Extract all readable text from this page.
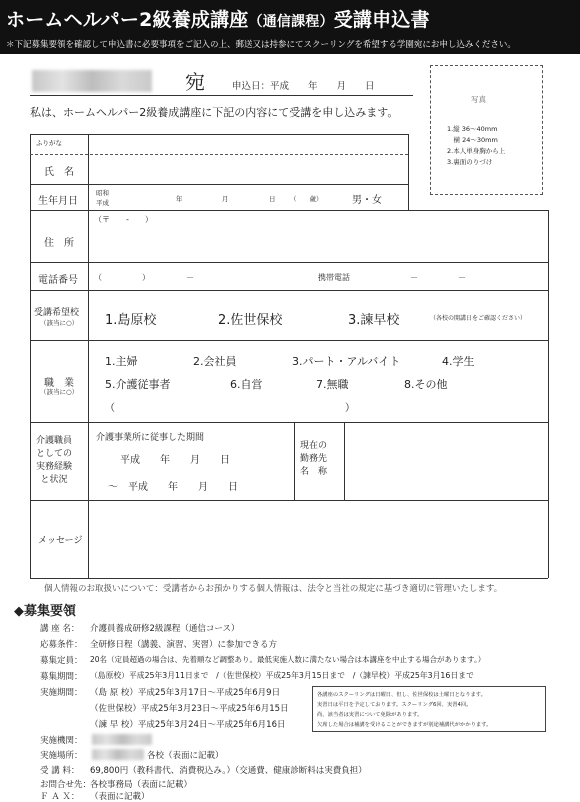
ホームヘルパー2級養成講座（通信課程）受講申込書
＊下記募集要領を確認して申込書に必要事項をご記入の上、郵送又は持参にてスクーリングを希望する学園宛にお申し込みください。
宛	申込日：平成　　年　　月　　日
写真
1.縦 36〜40mm
　横 24〜30mm
2.本人単身胸から上
3.裏面のりづけ
私は、ホームヘルパー2級養成講座に下記の内容にて受講を申し込みます。
ふりがな
氏　名
生年月日
昭和
平成	年	月	日 （　　歳）	男・女
住　所
（〒　　-　　）
電話番号 （　　　　　）　　　　　－	携帯電話	－　　　　　－
受講希望校
（該当に○） 1.島原校	2.佐世保校	3.諫早校	（各校の開講日をご確認ください）
職　業
（該当に○）
1.主婦	2.会社員	3.パート・アルバイト	4.学生
5.介護従事者	6.自営	7.無職	8.その他
（　　　　　　　　　　　　　　　　　　　　　　　）
介護職員
としての
実務経験
と状況
介護事業所に従事した期間
平成　　年　　月　　日
〜　平成　　年　　月　　日
現在の
勤務先
名　称
メッセージ
個人情報のお取扱いについて：受講者からお預かりする個人情報は、法令と当社の規定に基づき適切に管理いたします。
◆募集要領
講 座 名： 介護員養成研修2級課程（通信コース）
応募条件： 全研修日程（講義、演習、実習）に参加できる方
募集定員： 20名（定員超過の場合は、先着順など調整あり。最低実施人数に満たない場合は本講座を中止する場合があります。）
募集期間： （島原校）平成25年3月11日まで　/（佐世保校）平成25年3月15日まで　/（諫早校）平成25年3月16日まで
実施期間： （島 原 校）平成25年3月17日〜平成25年6月9日
（佐世保校）平成25年3月23日〜平成25年6月15日
（諫 早 校）平成25年3月24日〜平成25年6月16日
実施機関：
実施場所：	各校（表面に記載）
受 講 料： 69,800円（教科書代、消費税込み。）（交通費、健康診断料は実費負担）
お問合せ先：
各校事務局（表面に記載）
Ｆ Ａ Ｘ： （表面に記載）
各講座のスクーリングは日曜日、但し、佐世保校は土曜日となります。
実習日は平日を予定しております。スクーリング6回、実習4回。
尚、該当者は実習について免除があります。
欠席した場合は補講を受けることができますが別途補講代がかかります。
